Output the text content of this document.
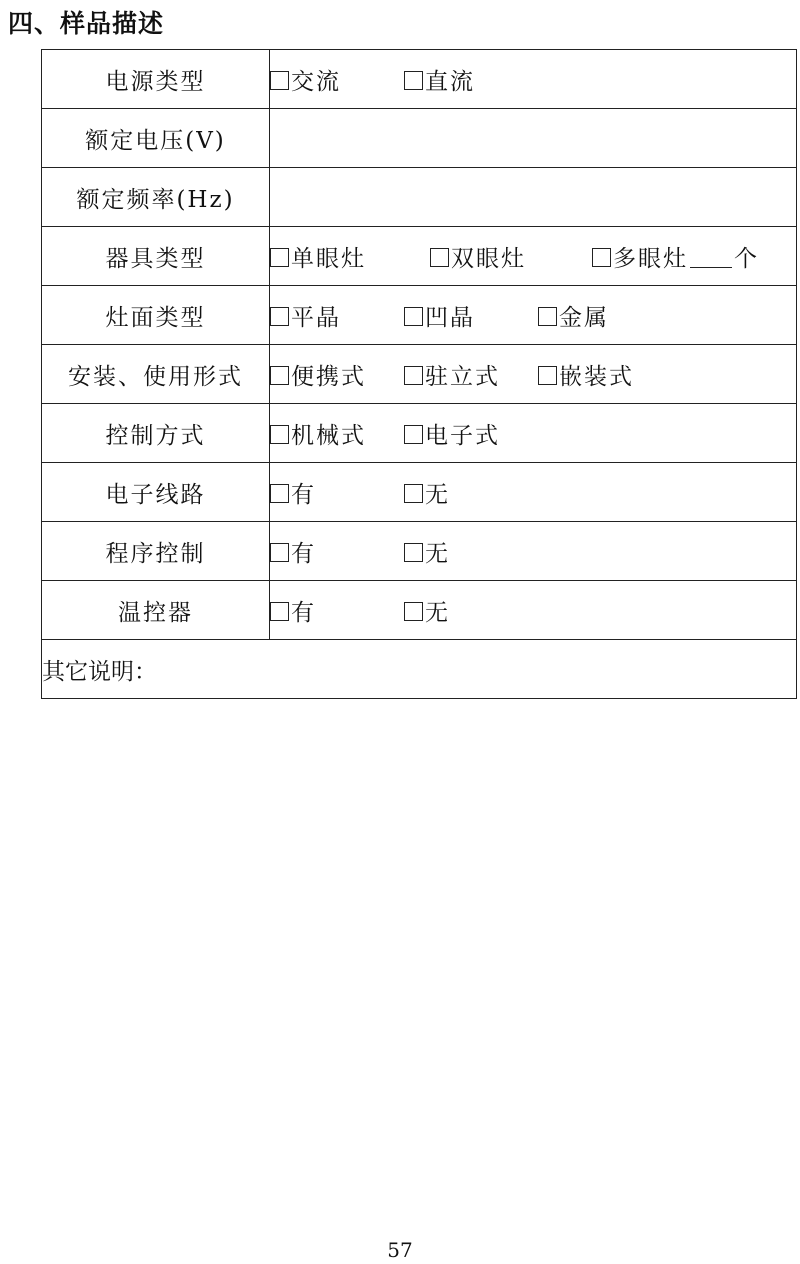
四、样品描述
电源类型	交流 直流
额定电压(V)	
额定频率(Hz)	
器具类型	单眼灶 双眼灶 多眼灶 个
灶面类型	平晶 凹晶 金属
安装、使用形式	便携式 驻立式 嵌装式
控制方式	机械式 电子式
电子线路	有 无
程序控制	有 无
温控器	有 无
其它说明：	
57
